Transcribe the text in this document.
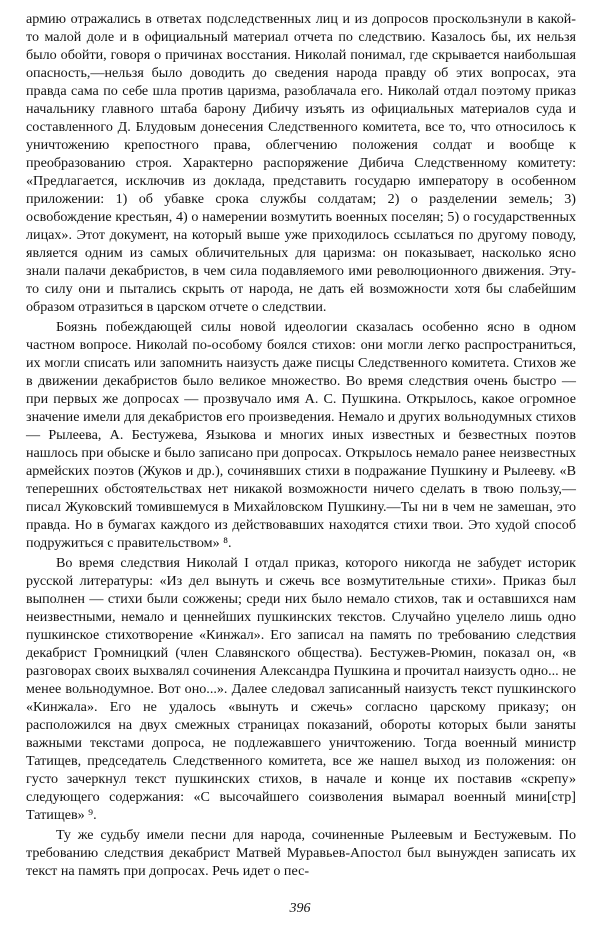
армию отражались в ответах подследственных лиц и из допросов проскользнули в какой-то малой доле и в официальный материал отчета по следствию. Казалось бы, их нельзя было обойти, говоря о причинах восстания. Николай понимал, где скрывается наибольшая опасность,—нельзя было доводить до сведения народа правду об этих вопросах, эта правда сама по себе шла против царизма, разоблачала его. Николай отдал поэтому приказ начальнику главного штаба барону Дибичу изъять из официальных материалов суда и составленного Д. Блудовым донесения Следственного комитета, все то, что относилось к уничтожению крепостного права, облегчению положения солдат и вообще к преобразованию строя. Характерно распоряжение Дибича Следственному комитету: «Предлагается, исключив из доклада, представить государю императору в особенном приложении: 1) об убавке срока службы солдатам; 2) о разделении земель; 3) освобождение крестьян, 4) о намерении возмутить военных поселян; 5) о государственных лицах». Этот документ, на который выше уже приходилось ссылаться по другому поводу, является одним из самых обличительных для царизма: он показывает, насколько ясно знали палачи декабристов, в чем сила подавляемого ими революционного движения. Эту-то силу они и пытались скрыть от народа, не дать ей возможности хотя бы слабейшим образом отразиться в царском отчете о следствии.

Боязнь побеждающей силы новой идеологии сказалась особенно ясно в одном частном вопросе. Николай по-особому боялся стихов: они могли легко распространиться, их могли списать или запомнить наизусть даже писцы Следственного комитета. Стихов же в движении декабристов было великое множество. Во время следствия очень быстро — при первых же допросах — прозвучало имя А. С. Пушкина. Открылось, какое огромное значение имели для декабристов его произведения. Немало и других вольнодумных стихов — Рылеева, А. Бестужева, Языкова и многих иных известных и безвестных поэтов нашлось при обыске и было записано при допросах. Открылось немало ранее неизвестных армейских поэтов (Жуков и др.), сочинявших стихи в подражание Пушкину и Рылееву. «В теперешних обстоятельствах нет никакой возможности ничего сделать в твою пользу,— писал Жуковский томившемуся в Михайловском Пушкину.—Ты ни в чем не замешан, это правда. Но в бумагах каждого из действовавших находятся стихи твои. Это худой способ подружиться с правительством» ⁸.

Во время следствия Николай I отдал приказ, которого никогда не забудет историк русской литературы: «Из дел вынуть и сжечь все возмутительные стихи». Приказ был выполнен — стихи были сожжены; среди них было немало стихов, так и оставшихся нам неизвестными, немало и ценнейших пушкинских текстов. Случайно уцелело лишь одно пушкинское стихотворение «Кинжал». Его записал на память по требованию следствия декабрист Громницкий (член Славянского общества). Бестужев-Рюмин, показал он, «в разговорах своих выхвалял сочинения Александра Пушкина и прочитал наизусть одно... не менее вольнодумное. Вот оно...». Далее следовал записанный наизусть текст пушкинского «Кинжала». Его не удалось «вынуть и сжечь» согласно царскому приказу; он расположился на двух смежных страницах показаний, обороты которых были заняты важными текстами допроса, не подлежавшего уничтожению. Тогда военный министр Татищев, председатель Следственного комитета, все же нашел выход из положения: он густо зачеркнул текст пушкинских стихов, в начале и конце их поставив «скрепу» следующего содержания: «С высочайшего соизволения вымарал военный мини[стр] Татищев» ⁹.

Ту же судьбу имели песни для народа, сочиненные Рылеевым и Бестужевым. По требованию следствия декабрист Матвей Муравьев-Апостол был вынужден записать их текст на память при допросах. Речь идет о пес-

396
